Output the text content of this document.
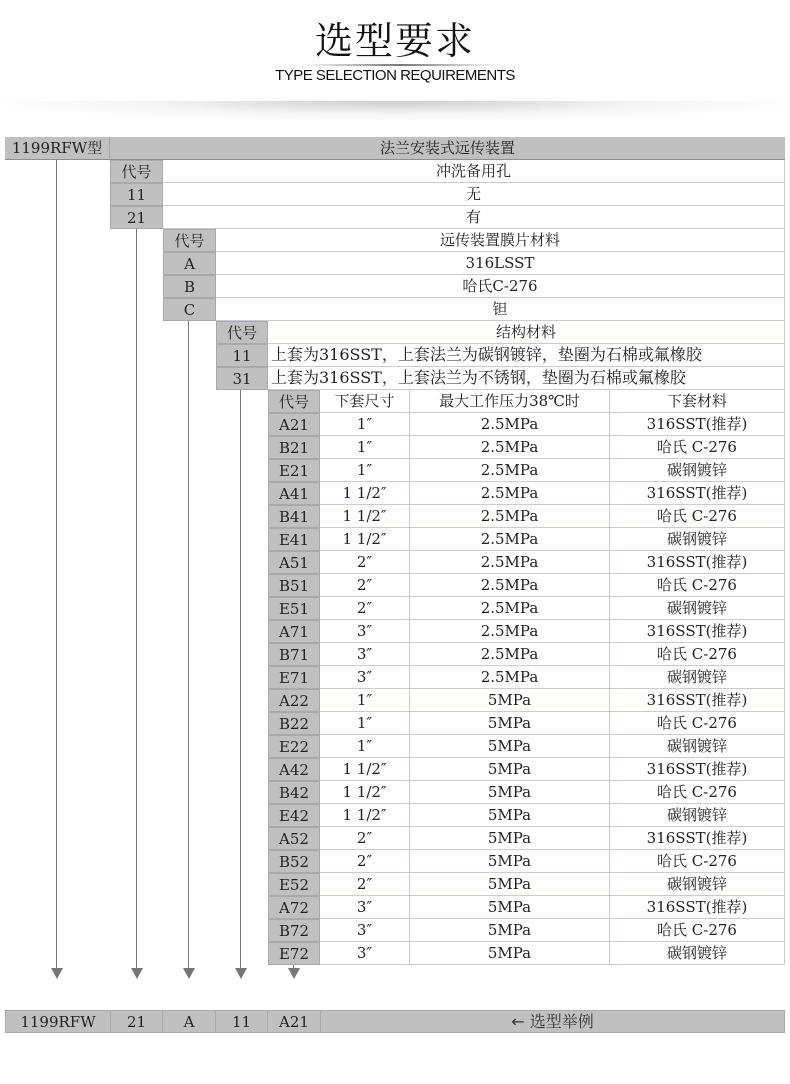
选型要求
TYPE SELECTION REQUIREMENTS
1199RFW型	法兰安装式远传装置
代号	冲洗备用孔
11	无
21	有
代号	远传装置膜片材料
A	316LSST
B	哈氏C-276
C	钽
代号	结构材料
11	上套为316SST，上套法兰为碳钢镀锌，垫圈为石棉或氟橡胶
31	上套为316SST，上套法兰为不锈钢，垫圈为石棉或氟橡胶
代号	下套尺寸	最大工作压力38℃时	下套材料
A21	1″	2.5MPa	316SST(推荐)
B21	1″	2.5MPa	哈氏 C-276
E21	1″	2.5MPa	碳钢镀锌
A41	1 1/2″	2.5MPa	316SST(推荐)
B41	1 1/2″	2.5MPa	哈氏 C-276
E41	1 1/2″	2.5MPa	碳钢镀锌
A51	2″	2.5MPa	316SST(推荐)
B51	2″	2.5MPa	哈氏 C-276
E51	2″	2.5MPa	碳钢镀锌
A71	3″	2.5MPa	316SST(推荐)
B71	3″	2.5MPa	哈氏 C-276
E71	3″	2.5MPa	碳钢镀锌
A22	1″	5MPa	316SST(推荐)
B22	1″	5MPa	哈氏 C-276
E22	1″	5MPa	碳钢镀锌
A42	1 1/2″	5MPa	316SST(推荐)
B42	1 1/2″	5MPa	哈氏 C-276
E42	1 1/2″	5MPa	碳钢镀锌
A52	2″	5MPa	316SST(推荐)
B52	2″	5MPa	哈氏 C-276
E52	2″	5MPa	碳钢镀锌
A72	3″	5MPa	316SST(推荐)
B72	3″	5MPa	哈氏 C-276
E72	3″	5MPa	碳钢镀锌
1199RFW	21	A	11	A21	← 选型举例
